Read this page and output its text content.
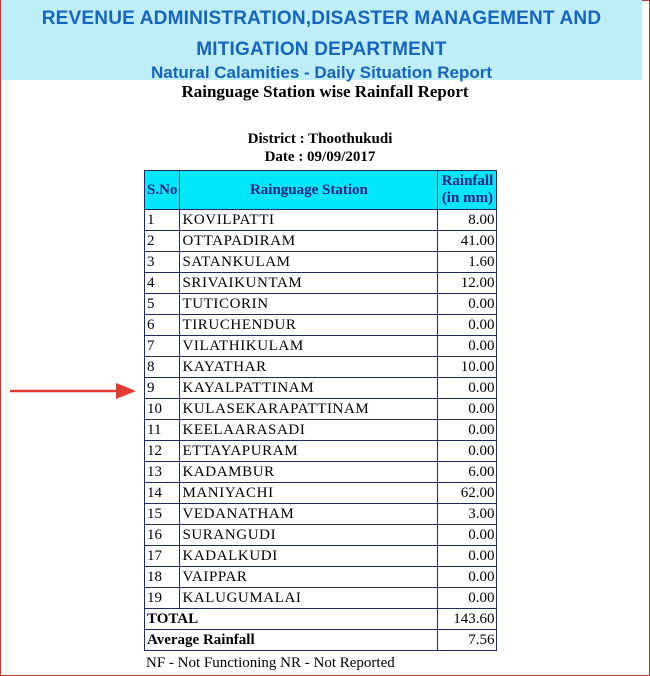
REVENUE ADMINISTRATION,DISASTER MANAGEMENT AND
MITIGATION DEPARTMENT
Natural Calamities - Daily Situation Report
Rainguage Station wise Rainfall Report
District : Thoothukudi
Date : 09/09/2017
S.No	Rainguage Station	Rainfall
(in mm)
1	KOVILPATTI	8.00
2	OTTAPADIRAM	41.00
3	SATANKULAM	1.60
4	SRIVAIKUNTAM	12.00
5	TUTICORIN	0.00
6	TIRUCHENDUR	0.00
7	VILATHIKULAM	0.00
8	KAYATHAR	10.00
9	KAYALPATTINAM	0.00
10	KULASEKARAPATTINAM	0.00
11	KEELAARASADI	0.00
12	ETTAYAPURAM	0.00
13	KADAMBUR	6.00
14	MANIYACHI	62.00
15	VEDANATHAM	3.00
16	SURANGUDI	0.00
17	KADALKUDI	0.00
18	VAIPPAR	0.00
19	KALUGUMALAI	0.00
TOTAL		143.60
Average Rainfall		7.56
NF - Not Functioning NR - Not Reported
